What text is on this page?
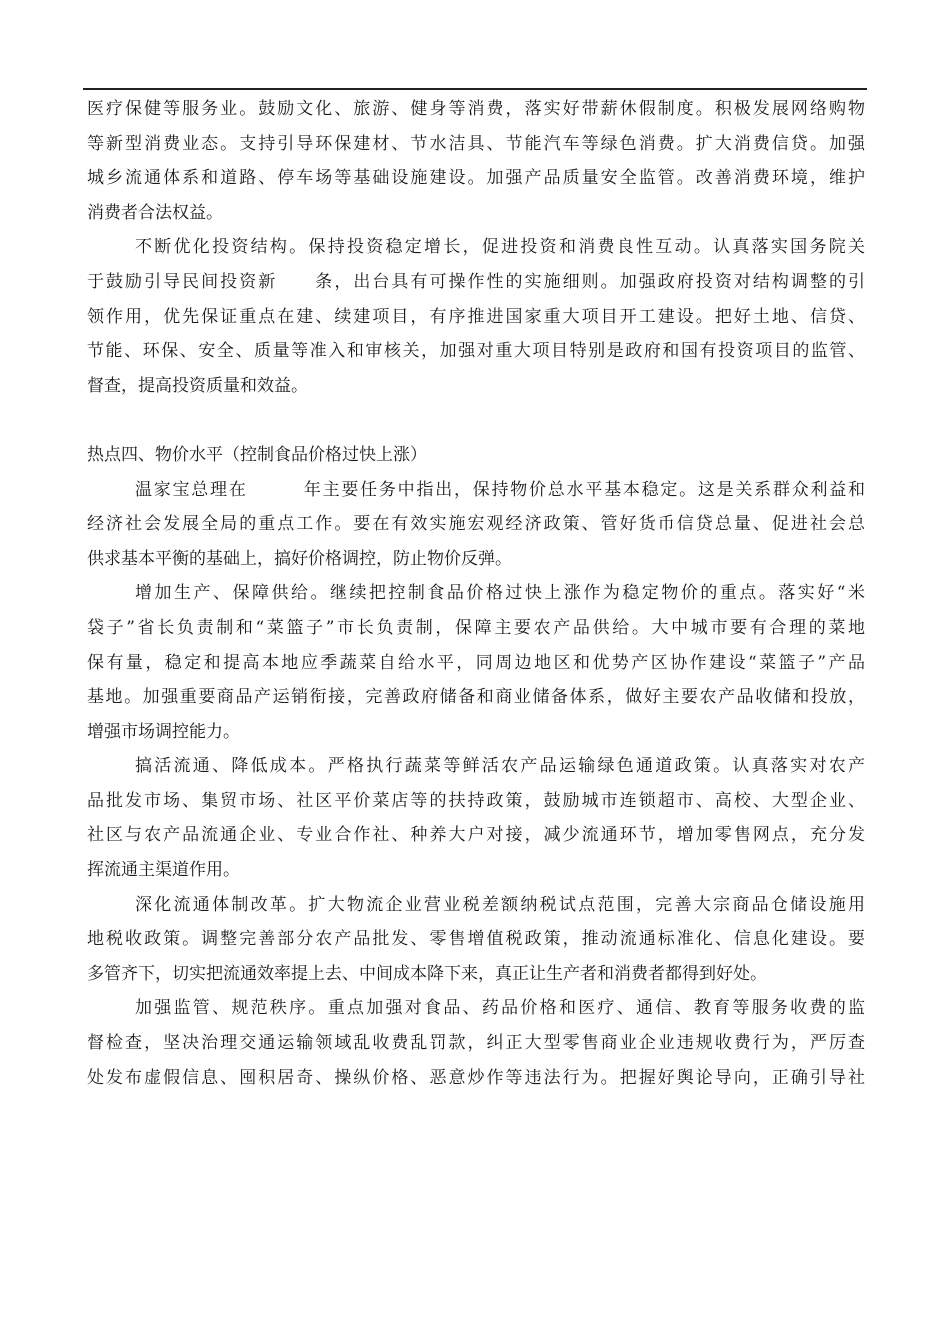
医疗保健等服务业。鼓励文化、旅游、健身等消费，落实好带薪休假制度。积极发展网络购物
等新型消费业态。支持引导环保建材、节水洁具、节能汽车等绿色消费。扩大消费信贷。加强
城乡流通体系和道路、停车场等基础设施建设。加强产品质量安全监管。改善消费环境，维护
消费者合法权益。
不断优化投资结构。保持投资稳定增长，促进投资和消费良性互动。认真落实国务院关
于鼓励引导民间投资新　　条，出台具有可操作性的实施细则。加强政府投资对结构调整的引
领作用，优先保证重点在建、续建项目，有序推进国家重大项目开工建设。把好土地、信贷、
节能、环保、安全、质量等准入和审核关，加强对重大项目特别是政府和国有投资项目的监管、
督查，提高投资质量和效益。
热点四、物价水平（控制食品价格过快上涨）
温家宝总理在　　　年主要任务中指出，保持物价总水平基本稳定。这是关系群众利益和
经济社会发展全局的重点工作。要在有效实施宏观经济政策、管好货币信贷总量、促进社会总
供求基本平衡的基础上，搞好价格调控，防止物价反弹。
增加生产、保障供给。继续把控制食品价格过快上涨作为稳定物价的重点。落实好“米
袋子”省长负责制和“菜篮子”市长负责制，保障主要农产品供给。大中城市要有合理的菜地
保有量，稳定和提高本地应季蔬菜自给水平，同周边地区和优势产区协作建设“菜篮子”产品
基地。加强重要商品产运销衔接，完善政府储备和商业储备体系，做好主要农产品收储和投放，
增强市场调控能力。
搞活流通、降低成本。严格执行蔬菜等鲜活农产品运输绿色通道政策。认真落实对农产
品批发市场、集贸市场、社区平价菜店等的扶持政策，鼓励城市连锁超市、高校、大型企业、
社区与农产品流通企业、专业合作社、种养大户对接，减少流通环节，增加零售网点，充分发
挥流通主渠道作用。
深化流通体制改革。扩大物流企业营业税差额纳税试点范围，完善大宗商品仓储设施用
地税收政策。调整完善部分农产品批发、零售增值税政策，推动流通标准化、信息化建设。要
多管齐下，切实把流通效率提上去、中间成本降下来，真正让生产者和消费者都得到好处。
加强监管、规范秩序。重点加强对食品、药品价格和医疗、通信、教育等服务收费的监
督检查，坚决治理交通运输领域乱收费乱罚款，纠正大型零售商业企业违规收费行为，严厉查
处发布虚假信息、囤积居奇、操纵价格、恶意炒作等违法行为。把握好舆论导向，正确引导社
